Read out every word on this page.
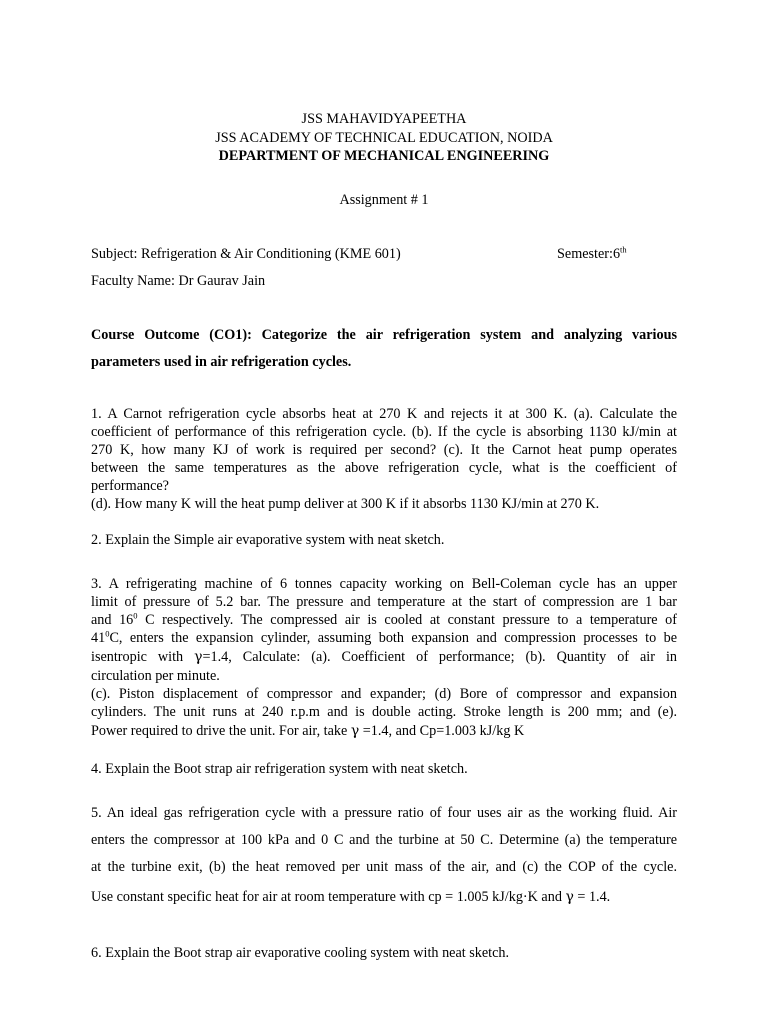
JSS MAHAVIDYAPEETHA
JSS ACADEMY OF TECHNICAL EDUCATION, NOIDA
DEPARTMENT OF MECHANICAL ENGINEERING
Assignment # 1
Subject: Refrigeration & Air Conditioning (KME 601)	Semester:6th
Faculty Name: Dr Gaurav Jain
Course Outcome (CO1): Categorize the air refrigeration system and analyzing various
parameters used in air refrigeration cycles.
1. A Carnot refrigeration cycle absorbs heat at 270 K and rejects it at 300 K. (a). Calculate the
coefficient of performance of this refrigeration cycle. (b). If the cycle is absorbing 1130 kJ/min at
270 K, how many KJ of work is required per second? (c). It the Carnot heat pump operates
between the same temperatures as the above refrigeration cycle, what is the coefficient of
performance?
(d). How many K will the heat pump deliver at 300 K if it absorbs 1130 KJ/min at 270 K.
2. Explain the Simple air evaporative system with neat sketch.
3. A refrigerating machine of 6 tonnes capacity working on Bell-Coleman cycle has an upper
limit of pressure of 5.2 bar. The pressure and temperature at the start of compression are 1 bar
and $16^0$ C respectively. The compressed air is cooled at constant pressure to a temperature of
$41^0C$, enters the expansion cylinder, assuming both expansion and compression processes to be
isentropic with γ=1.4, Calculate: (a). Coefficient of performance; (b). Quantity of air in
circulation per minute.
(c). Piston displacement of compressor and expander; (d) Bore of compressor and expansion
cylinders. The unit runs at 240 r.p.m and is double acting. Stroke length is 200 mm; and (e).
Power required to drive the unit. For air, take γ =1.4, and Cp=1.003 kJ/kg K
4. Explain the Boot strap air refrigeration system with neat sketch.
5. An ideal gas refrigeration cycle with a pressure ratio of four uses air as the working fluid. Air
enters the compressor at 100 kPa and 0 C and the turbine at 50 C. Determine (a) the temperature
at the turbine exit, (b) the heat removed per unit mass of the air, and (c) the COP of the cycle.
Use constant specific heat for air at room temperature with cp = 1.005 kJ/kg·K and γ = 1.4.
6. Explain the Boot strap air evaporative cooling system with neat sketch.
